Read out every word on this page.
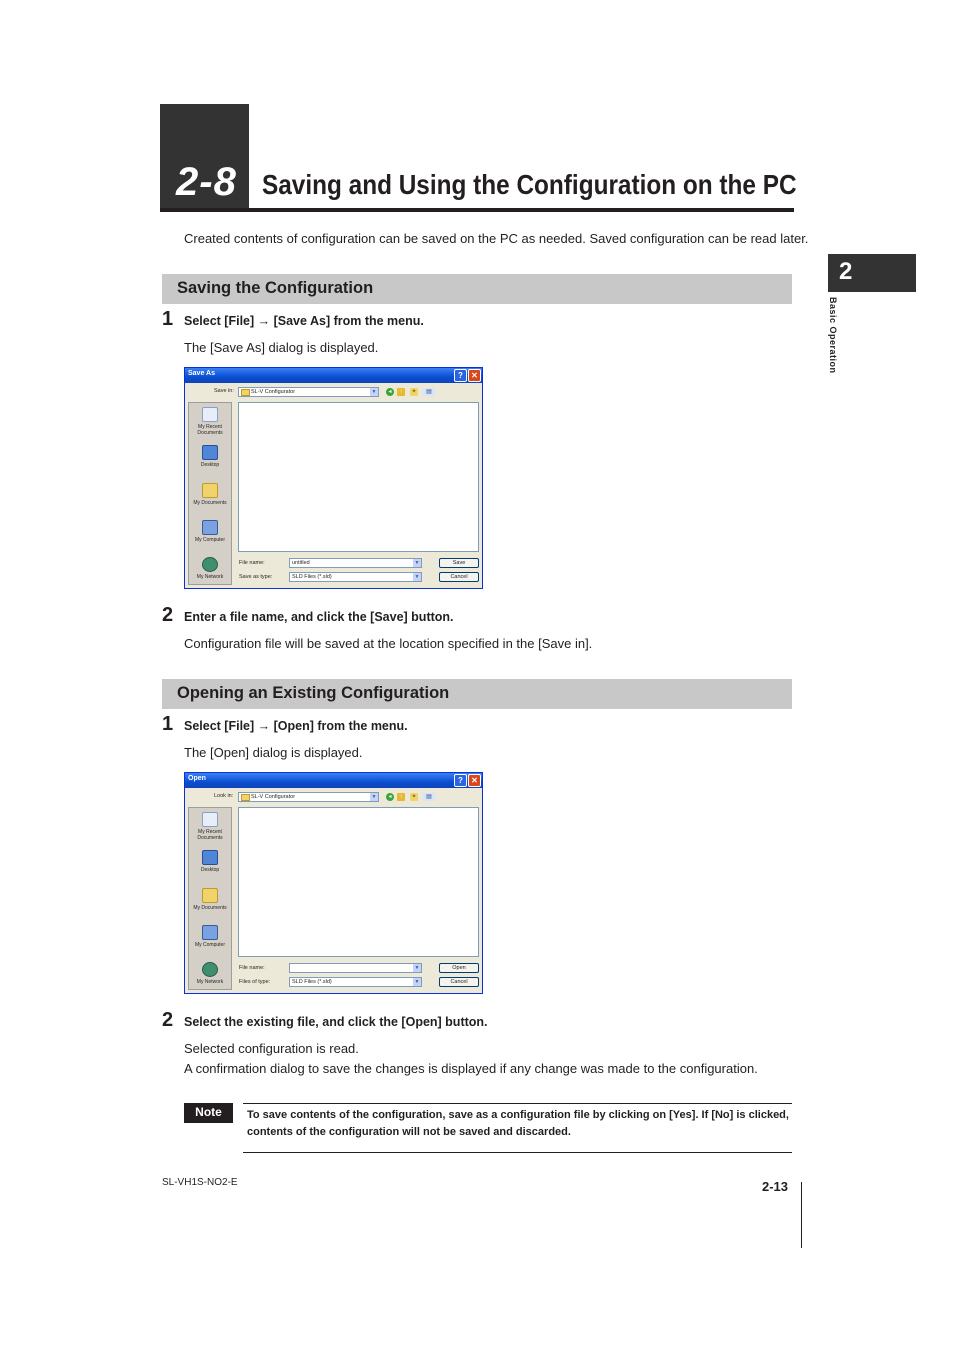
2-8 Saving and Using the Configuration on the PC
Created contents of configuration can be saved on the PC as needed. Saved configuration can be read later.
2
Basic Operation
Saving the Configuration
1 Select [File] → [Save As] from the menu.
The [Save As] dialog is displayed.
Save As	?	✕
Save in:	SL-V Configurator	▼	◂	↑	✦	▤
My Recent Documents
Desktop
My Documents
My Computer
My Network
File name:	untitled	▼
Save as type:	SLD Files (*.sld)	▼
Save
Cancel
2 Enter a file name, and click the [Save] button.
Configuration file will be saved at the location specified in the [Save in].
Opening an Existing Configuration
1 Select [File] → [Open] from the menu.
The [Open] dialog is displayed.
Open	?	✕
Look in:	SL-V Configurator	▼	◂	↑	✦	▤
My Recent Documents
Desktop
My Documents
My Computer
My Network
File name:	▼
Files of type:	SLD Files (*.sld)	▼
Open
Cancel
2 Select the existing file, and click the [Open] button.
Selected configuration is read.
A confirmation dialog to save the changes is displayed if any change was made to the configuration.
Note	To save contents of the configuration, save as a configuration file by clicking on [Yes]. If [No] is clicked, contents of the configuration will not be saved and discarded.
SL-VH1S-NO2-E	2-13
